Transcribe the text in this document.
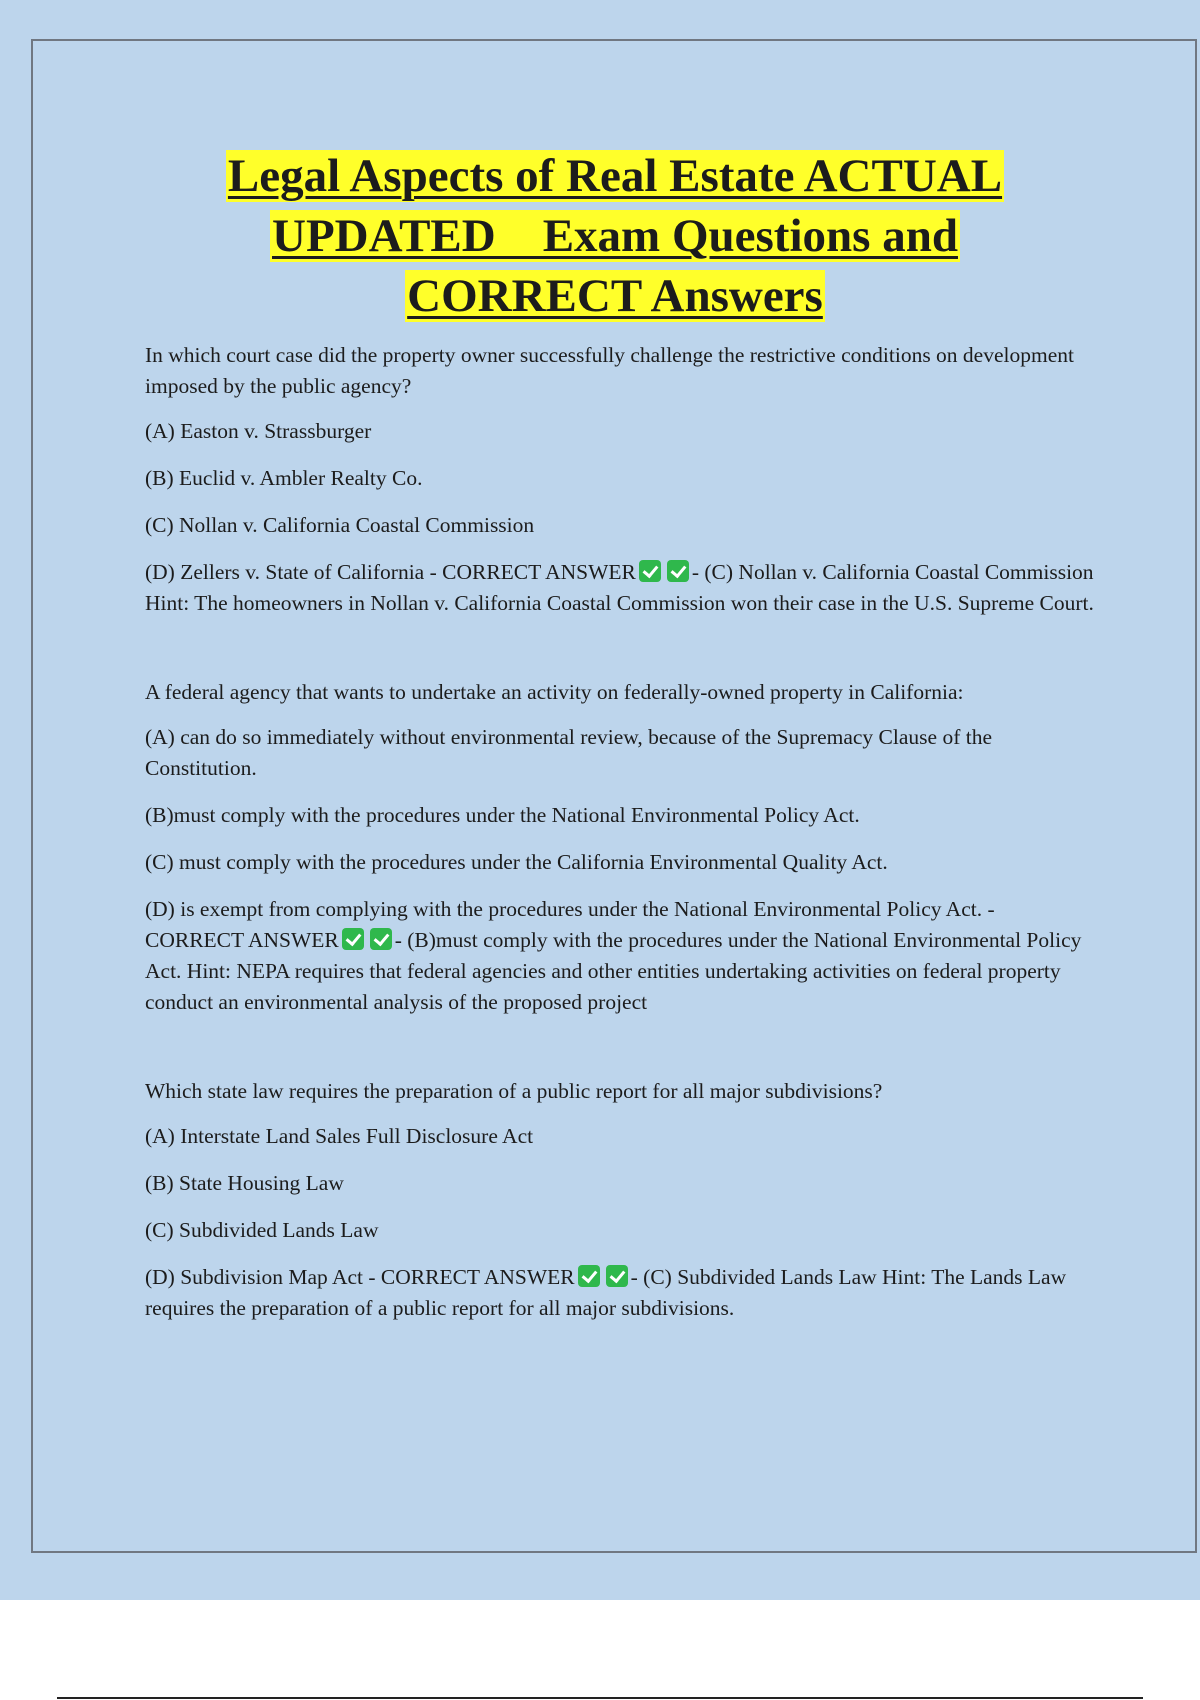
Legal Aspects of Real Estate ACTUAL
UPDATED    Exam Questions and
CORRECT Answers

In which court case did the property owner successfully challenge the restrictive conditions on development imposed by the public agency?

(A) Easton v. Strassburger

(B) Euclid v. Ambler Realty Co.

(C) Nollan v. California Coastal Commission

(D) Zellers v. State of California - CORRECT ANSWER	- (C) Nollan v. California Coastal Commission Hint: The homeowners in Nollan v. California Coastal Commission won their case in the U.S. Supreme Court.

A federal agency that wants to undertake an activity on federally-owned property in California:

(A) can do so immediately without environmental review, because of the Supremacy Clause of the Constitution.

(B)must comply with the procedures under the National Environmental Policy Act.

(C) must comply with the procedures under the California Environmental Quality Act.

(D) is exempt from complying with the procedures under the National Environmental Policy Act. - CORRECT ANSWER	- (B)must comply with the procedures under the National Environmental Policy Act. Hint: NEPA requires that federal agencies and other entities undertaking activities on federal property conduct an environmental analysis of the proposed project

Which state law requires the preparation of a public report for all major subdivisions?

(A) Interstate Land Sales Full Disclosure Act

(B) State Housing Law

(C) Subdivided Lands Law

(D) Subdivision Map Act - CORRECT ANSWER	- (C) Subdivided Lands Law Hint: The Lands Law requires the preparation of a public report for all major subdivisions.
